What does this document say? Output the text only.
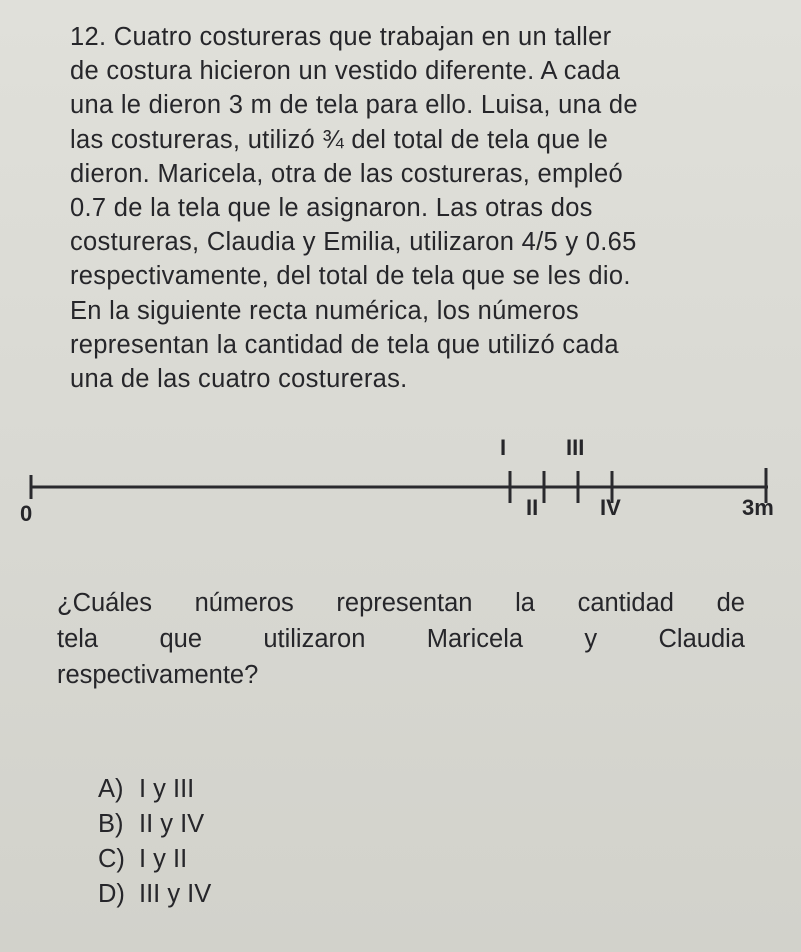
12. Cuatro costureras que trabajan en un taller
de costura hicieron un vestido diferente. A cada
una le dieron 3 m de tela para ello. Luisa, una de
las costureras, utilizó ¾ del total de tela que le
dieron. Maricela, otra de las costureras, empleó
0.7 de la tela que le asignaron. Las otras dos
costureras, Claudia y Emilia, utilizaron 4/5 y 0.65
respectivamente, del total de tela que se les dio.
En la siguiente recta numérica, los números
representan la cantidad de tela que utilizó cada
una de las cuatro costureras.
0
I
II
III
IV	3m
¿Cuáles números representan la cantidad de
tela que utilizaron Maricela y Claudia
respectivamente?
A) I y III
B) II y IV
C) I y II
D) III y IV
